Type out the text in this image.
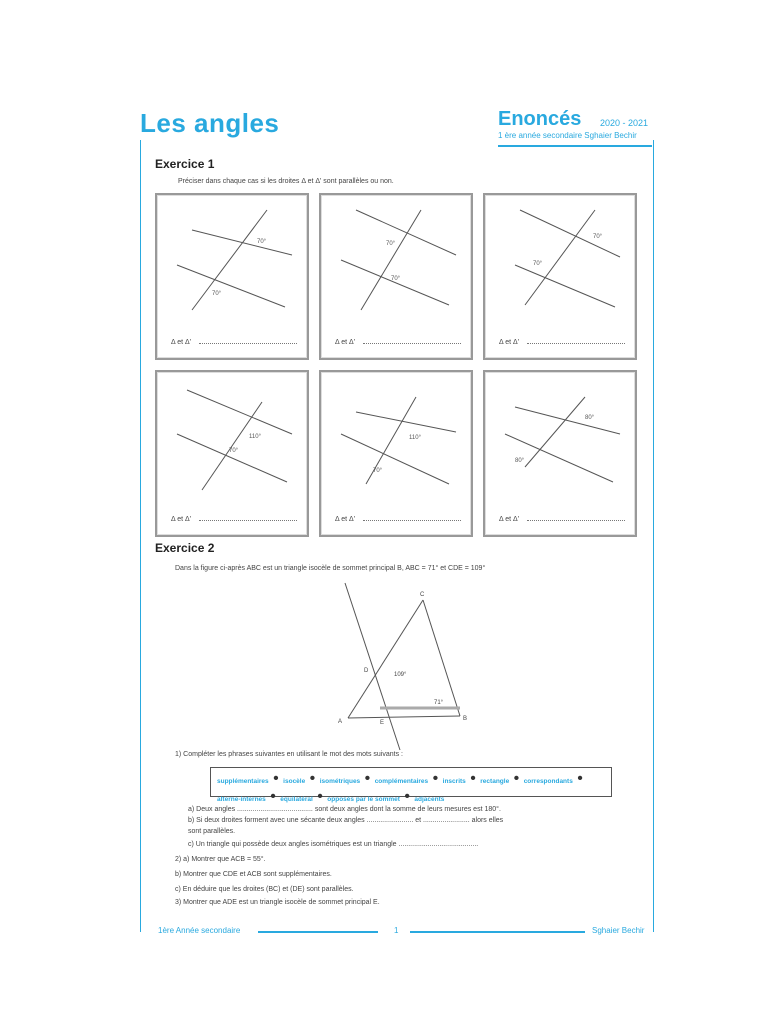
Les angles	Enoncés 2020 - 2021
1 ère année secondaire Sghaier Bechir
Exercice 1
Préciser dans chaque cas si les droites Δ et Δ' sont parallèles ou non.
70°
70°
Δ et Δ'
70°
70°
Δ et Δ'
70°
70°
Δ et Δ'
110°
70°
Δ et Δ'
110°
70°
Δ et Δ'
80°
80°
Δ et Δ'
Exercice 2
Dans la figure ci-après ABC est un triangle isocèle de sommet principal B, ABC = 71° et CDE = 109°
C
A	B
D
E
109°
71°
1) Compléter les phrases suivantes en utilisant le mot des mots suivants :
supplémentaires • isocèle • isométriques • complémentaires • inscrits • rectangle • correspondants • alterne-internes • équilatéral • opposés par le sommet • adjacents
a) Deux angles ....................................... sont deux angles dont la somme de leurs mesures est 180°.
b) Si deux droites forment avec une sécante deux angles ........................ et ........................ alors elles
sont parallèles.
c) Un triangle qui possède deux angles isométriques est un triangle .........................................
2) a) Montrer que ACB = 55°.
b) Montrer que CDE et ACB sont supplémentaires.
c) En déduire que les droites (BC) et (DE) sont parallèles.
3) Montrer que ADE est un triangle isocèle de sommet principal E.
1ère Année secondaire	1	Sghaier Bechir
